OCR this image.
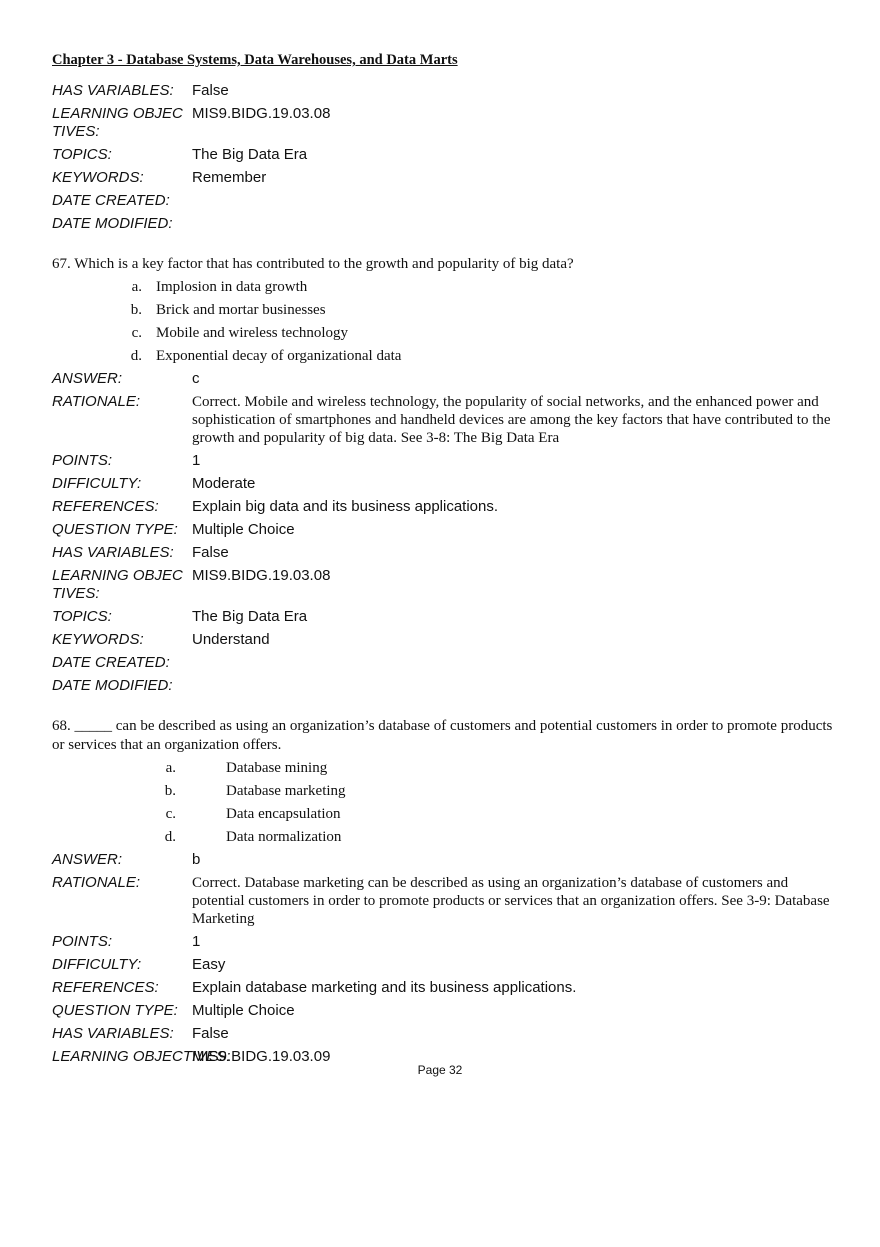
Chapter 3 - Database Systems, Data Warehouses, and Data Marts
HAS VARIABLES:	False
LEARNING OBJECTIVES:
MIS9.BIDG.19.03.08
TOPICS:	The Big Data Era
KEYWORDS:	Remember
DATE CREATED:
DATE MODIFIED:
67. Which is a key factor that has contributed to the growth and popularity of big data?
a. Implosion in data growth
b. Brick and mortar businesses
c. Mobile and wireless technology
d. Exponential decay of organizational data
ANSWER:	c
RATIONALE:	Correct. Mobile and wireless technology, the popularity of social networks, and the enhanced power and sophistication of smartphones and handheld devices are among the key factors that have contributed to the growth and popularity of big data. See 3-8: The Big Data Era
POINTS:	1
DIFFICULTY:	Moderate
REFERENCES:	Explain big data and its business applications.
QUESTION TYPE: Multiple Choice
HAS VARIABLES:	False
LEARNING OBJECTIVES:
MIS9.BIDG.19.03.08
TOPICS:	The Big Data Era
KEYWORDS:	Understand
DATE CREATED:
DATE MODIFIED:
68. _____ can be described as using an organization’s database of customers and potential customers in order to promote products or services that an organization offers.
a.	Database mining
b.	Database marketing
c.	Data encapsulation
d.	Data normalization
ANSWER:	b
RATIONALE:	Correct. Database marketing can be described as using an organization’s database of customers and potential customers in order to promote products or services that an organization offers. See 3-9: Database Marketing
POINTS:	1
DIFFICULTY:	Easy
REFERENCES:	Explain database marketing and its business applications.
QUESTION TYPE: Multiple Choice
HAS VARIABLES:	False
LEARNING OBJECTIVES:
MIS9.BIDG.19.03.09
Page 32
